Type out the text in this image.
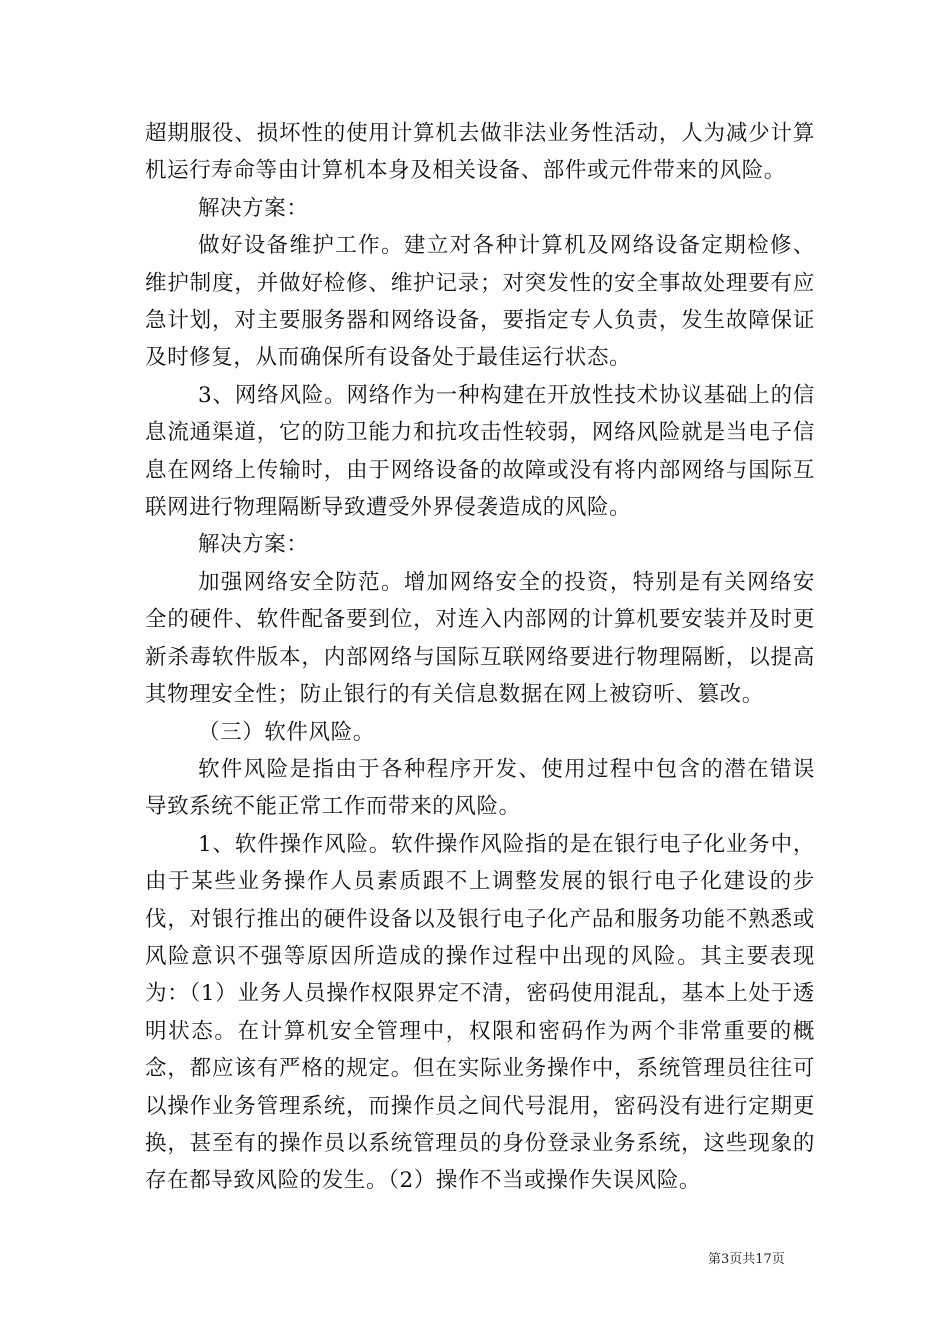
超期服役、损坏性的使用计算机去做非法业务性活动，人为减少计算机运行寿命等由计算机本身及相关设备、部件或元件带来的风险。

解决方案：

做好设备维护工作。建立对各种计算机及网络设备定期检修、维护制度，并做好检修、维护记录；对突发性的安全事故处理要有应急计划，对主要服务器和网络设备，要指定专人负责，发生故障保证及时修复，从而确保所有设备处于最佳运行状态。

3、网络风险。网络作为一种构建在开放性技术协议基础上的信息流通渠道，它的防卫能力和抗攻击性较弱，网络风险就是当电子信息在网络上传输时，由于网络设备的故障或没有将内部网络与国际互联网进行物理隔断导致遭受外界侵袭造成的风险。

解决方案：

加强网络安全防范。增加网络安全的投资，特别是有关网络安全的硬件、软件配备要到位，对连入内部网的计算机要安装并及时更新杀毒软件版本，内部网络与国际互联网络要进行物理隔断，以提高其物理安全性；防止银行的有关信息数据在网上被窃听、篡改。

（三）软件风险。

软件风险是指由于各种程序开发、使用过程中包含的潜在错误导致系统不能正常工作而带来的风险。

1、软件操作风险。软件操作风险指的是在银行电子化业务中，由于某些业务操作人员素质跟不上调整发展的银行电子化建设的步伐，对银行推出的硬件设备以及银行电子化产品和服务功能不熟悉或风险意识不强等原因所造成的操作过程中出现的风险。其主要表现为：（1）业务人员操作权限界定不清，密码使用混乱，基本上处于透明状态。在计算机安全管理中，权限和密码作为两个非常重要的概念，都应该有严格的规定。但在实际业务操作中，系统管理员往往可以操作业务管理系统，而操作员之间代号混用，密码没有进行定期更换，甚至有的操作员以系统管理员的身份登录业务系统，这些现象的存在都导致风险的发生。（2）操作不当或操作失误风险。

第3页共17页
